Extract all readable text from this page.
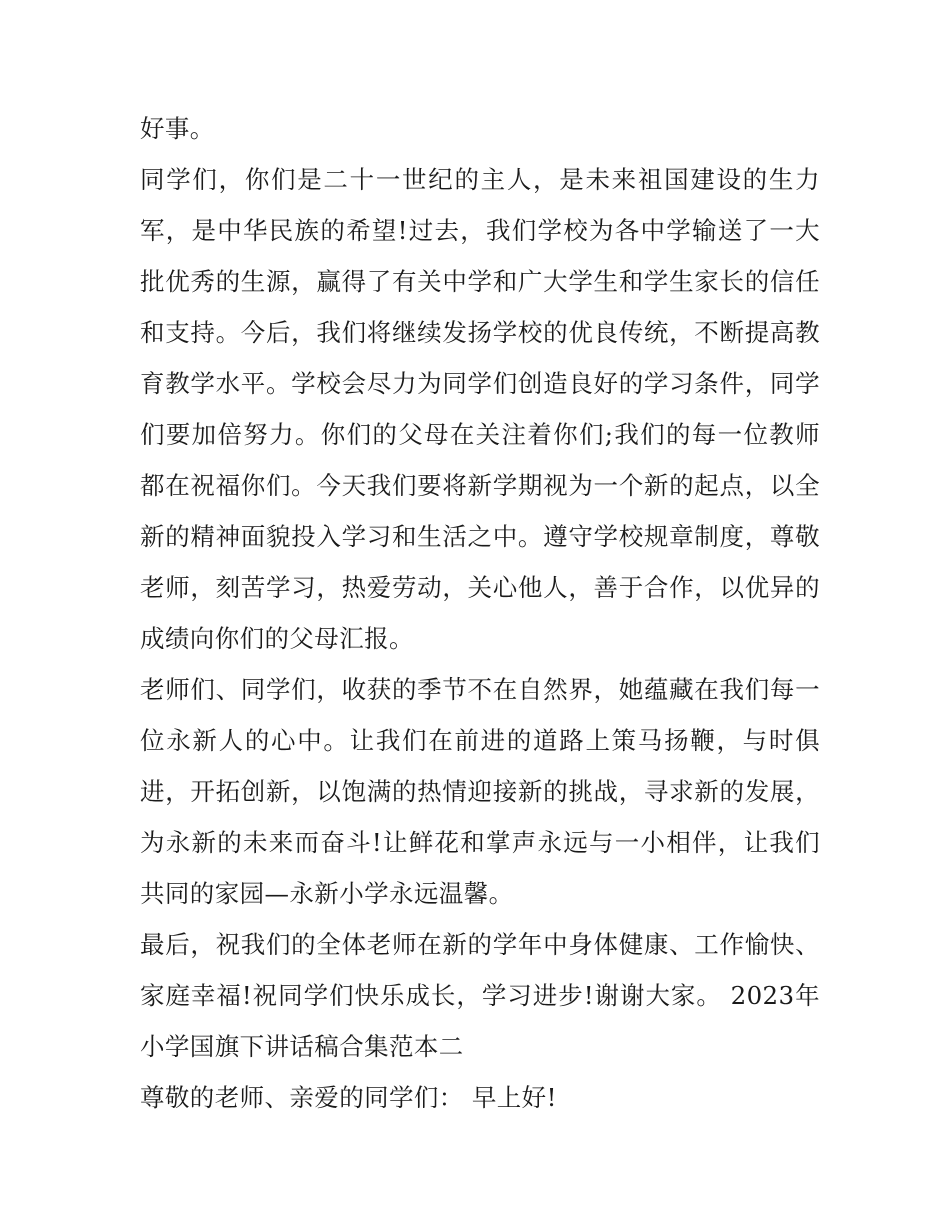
好事。

同学们，你们是二十一世纪的主人，是未来祖国建设的生力军，是中华民族的希望!过去，我们学校为各中学输送了一大批优秀的生源，赢得了有关中学和广大学生和学生家长的信任和支持。今后，我们将继续发扬学校的优良传统，不断提高教育教学水平。学校会尽力为同学们创造良好的学习条件，同学们要加倍努力。你们的父母在关注着你们;我们的每一位教师都在祝福你们。今天我们要将新学期视为一个新的起点，以全新的精神面貌投入学习和生活之中。遵守学校规章制度，尊敬老师，刻苦学习，热爱劳动，关心他人，善于合作，以优异的成绩向你们的父母汇报。

老师们、同学们，收获的季节不在自然界，她蕴藏在我们每一位永新人的心中。让我们在前进的道路上策马扬鞭，与时俱进，开拓创新，以饱满的热情迎接新的挑战，寻求新的发展，为永新的未来而奋斗!让鲜花和掌声永远与一小相伴，让我们共同的家园—永新小学永远温馨。

最后，祝我们的全体老师在新的学年中身体健康、工作愉快、家庭幸福!祝同学们快乐成长，学习进步!谢谢大家。 2023年小学国旗下讲话稿合集范本二

尊敬的老师、亲爱的同学们： 早上好!
